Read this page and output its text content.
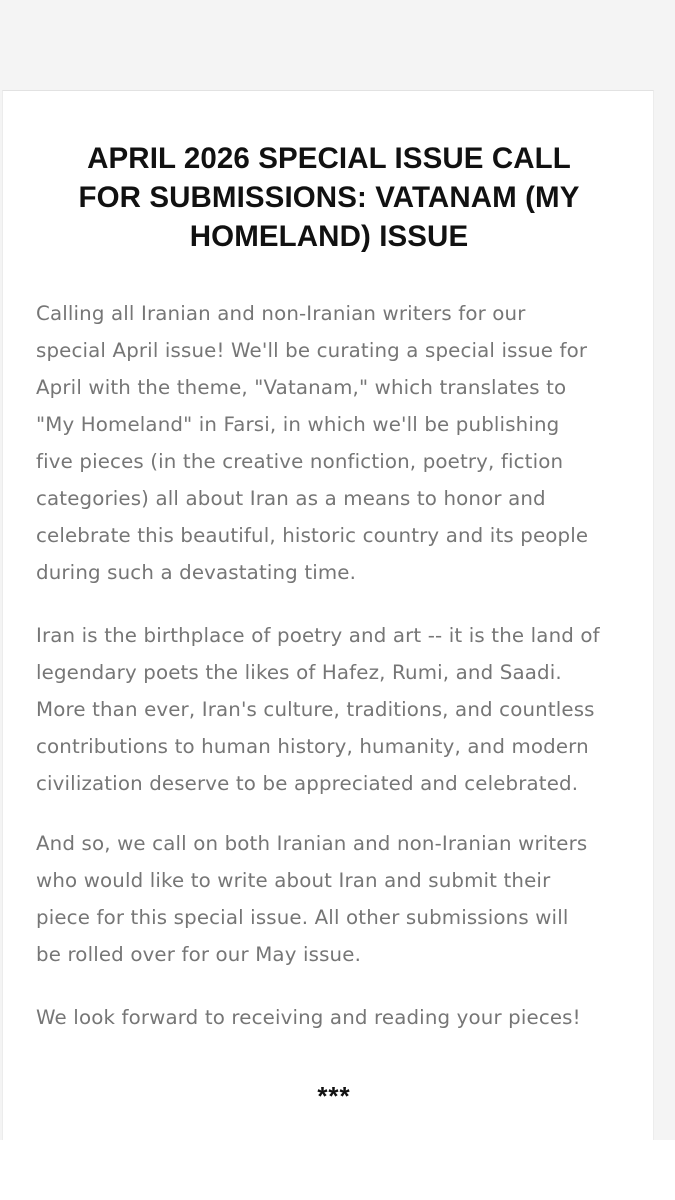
APRIL 2026 SPECIAL ISSUE CALL
FOR SUBMISSIONS: VATANAM (MY
HOMELAND) ISSUE

Calling all Iranian and non-Iranian writers for our
special April issue! We'll be curating a special issue for
April with the theme, "Vatanam," which translates to
"My Homeland" in Farsi, in which we'll be publishing
five pieces (in the creative nonfiction, poetry, fiction
categories) all about Iran as a means to honor and
celebrate this beautiful, historic country and its people
during such a devastating time.

Iran is the birthplace of poetry and art -- it is the land of
legendary poets the likes of Hafez, Rumi, and Saadi.
More than ever, Iran's culture, traditions, and countless
contributions to human history, humanity, and modern
civilization deserve to be appreciated and celebrated.

And so, we call on both Iranian and non-Iranian writers
who would like to write about Iran and submit their
piece for this special issue. All other submissions will
be rolled over for our May issue.

We look forward to receiving and reading your pieces!

***
